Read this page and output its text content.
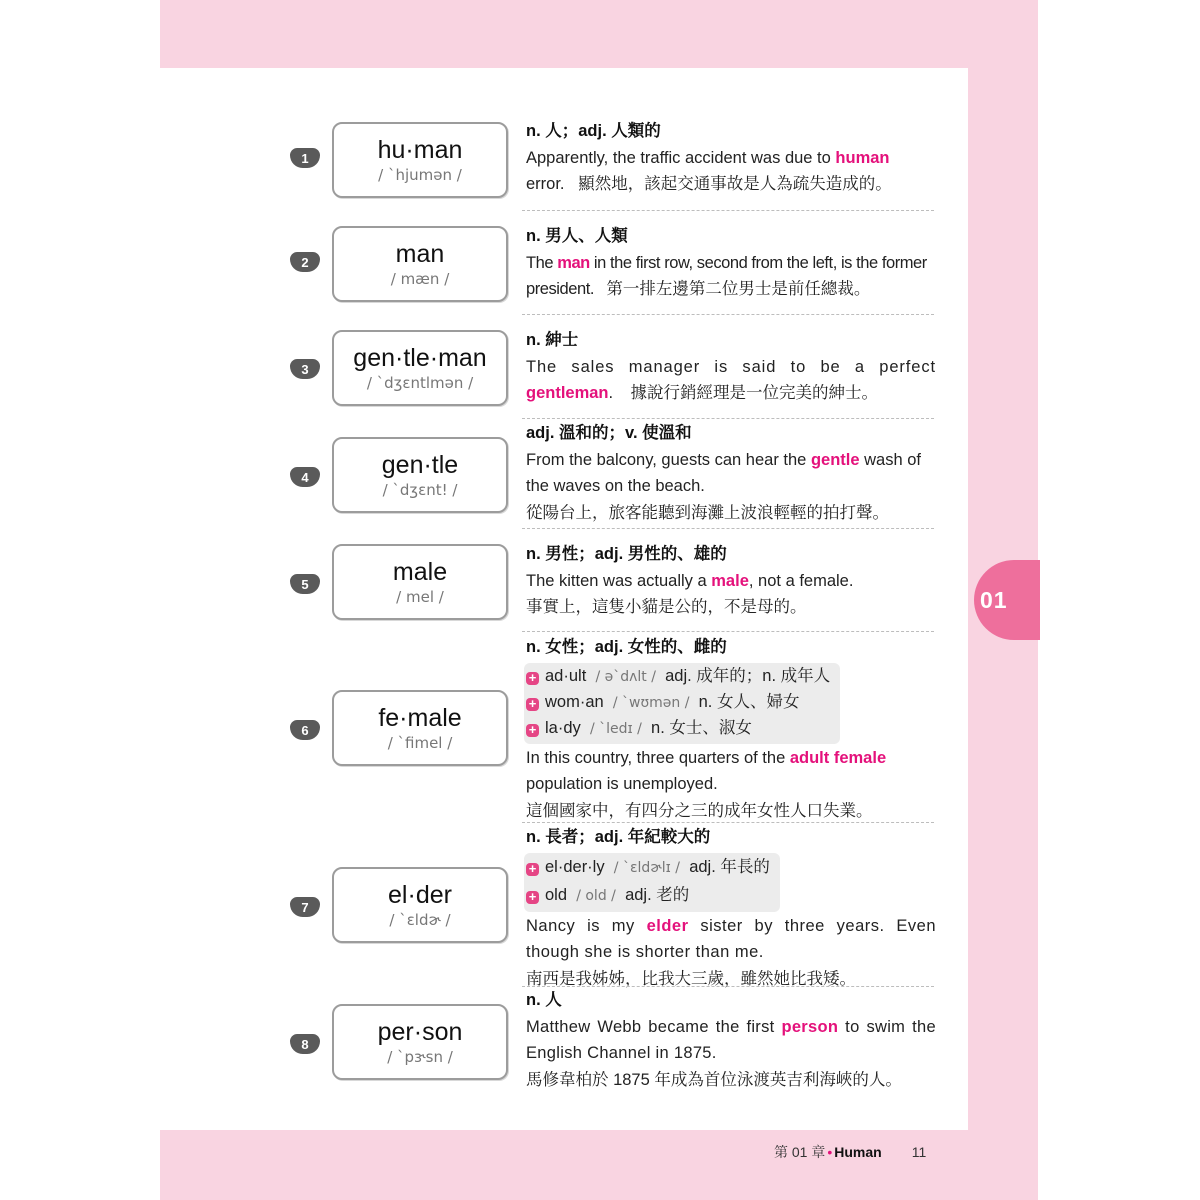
01
1	hu·man
/ ˋhjumən /
n. 人；adj. 人類的
Apparently, the traffic accident was due to human error. 顯然地，該起交通事故是人為疏失造成的。
2	man
/ mæn /
n. 男人、人類
The man in the first row, second from the left, is the former president. 第一排左邊第二位男士是前任總裁。
3	gen·tle·man
/ ˋdʒɛntlmən /
n. 紳士
The sales manager is said to be a perfect gentleman. 據說行銷經理是一位完美的紳士。
4	gen·tle
/ ˋdʒɛnt! /
adj. 溫和的；v. 使溫和
From the balcony, guests can hear the gentle wash of the waves on the beach.
從陽台上，旅客能聽到海灘上波浪輕輕的拍打聲。
5	male
/ mel /
n. 男性；adj. 男性的、雄的
The kitten was actually a male, not a female.
事實上，這隻小貓是公的，不是母的。
6	fe·male
/ ˋfimel /
n. 女性；adj. 女性的、雌的
+ ad·ult / əˋdʌlt / adj. 成年的；n. 成年人
+ wom·an / ˋwʊmən / n. 女人、婦女
+ la·dy / ˋledɪ / n. 女士、淑女
In this country, three quarters of the adult female population is unemployed.
這個國家中，有四分之三的成年女性人口失業。
7	el·der
/ ˋɛldɚ /
n. 長者；adj. 年紀較大的
+ el·der·ly / ˋɛldɚlɪ / adj. 年長的
+ old / old / adj. 老的
Nancy is my elder sister by three years. Even though she is shorter than me.
南西是我姊姊，比我大三歲，雖然她比我矮。
8	per·son
/ ˋpɝsn /
n. 人
Matthew Webb became the first person to swim the English Channel in 1875.
馬修韋柏於 1875 年成為首位泳渡英吉利海峽的人。
第 01 章 • Human 11
